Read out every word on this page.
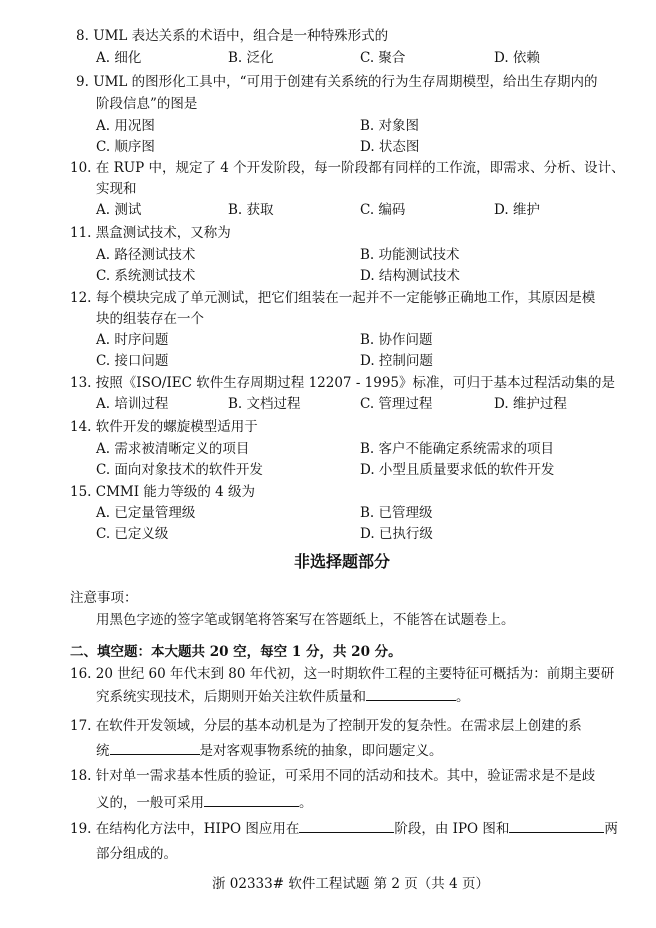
8. UML 表达关系的术语中，组合是一种特殊形式的
A. 细化	B. 泛化	C. 聚合	D. 依赖
9. UML 的图形化工具中，“可用于创建有关系统的行为生存周期模型，给出生存期内的
阶段信息”的图是
A. 用况图	B. 对象图
C. 顺序图	D. 状态图
10. 在 RUP 中，规定了 4 个开发阶段，每一阶段都有同样的工作流，即需求、分析、设计、
实现和
A. 测试	B. 获取	C. 编码	D. 维护
11. 黑盒测试技术，又称为
A. 路径测试技术	B. 功能测试技术
C. 系统测试技术	D. 结构测试技术
12. 每个模块完成了单元测试，把它们组装在一起并不一定能够正确地工作，其原因是模
块的组装存在一个
A. 时序问题	B. 协作问题
C. 接口问题	D. 控制问题
13. 按照《ISO/IEC 软件生存周期过程 12207 - 1995》标准，可归于基本过程活动集的是
A. 培训过程	B. 文档过程	C. 管理过程	D. 维护过程
14. 软件开发的螺旋模型适用于
A. 需求被清晰定义的项目	B. 客户不能确定系统需求的项目
C. 面向对象技术的软件开发	D. 小型且质量要求低的软件开发
15. CMMI 能力等级的 4 级为
A. 已定量管理级	B. 已管理级
C. 已定义级	D. 已执行级
非选择题部分
注意事项：
用黑色字迹的签字笔或钢笔将答案写在答题纸上，不能答在试题卷上。
二、填空题：本大题共 20 空，每空 1 分，共 20 分。
16. 20 世纪 60 年代末到 80 年代初，这一时期软件工程的主要特征可概括为：前期主要研
究系统实现技术，后期则开始关注软件质量和	。
17. 在软件开发领域，分层的基本动机是为了控制开发的复杂性。在需求层上创建的系
统	是对客观事物系统的抽象，即问题定义。
18. 针对单一需求基本性质的验证，可采用不同的活动和技术。其中，验证需求是不是歧
义的，一般可采用	。
19. 在结构化方法中，HIPO 图应用在	阶段，由 IPO 图和	两
部分组成的。
浙 02333# 软件工程试题 第 2 页（共 4 页）
